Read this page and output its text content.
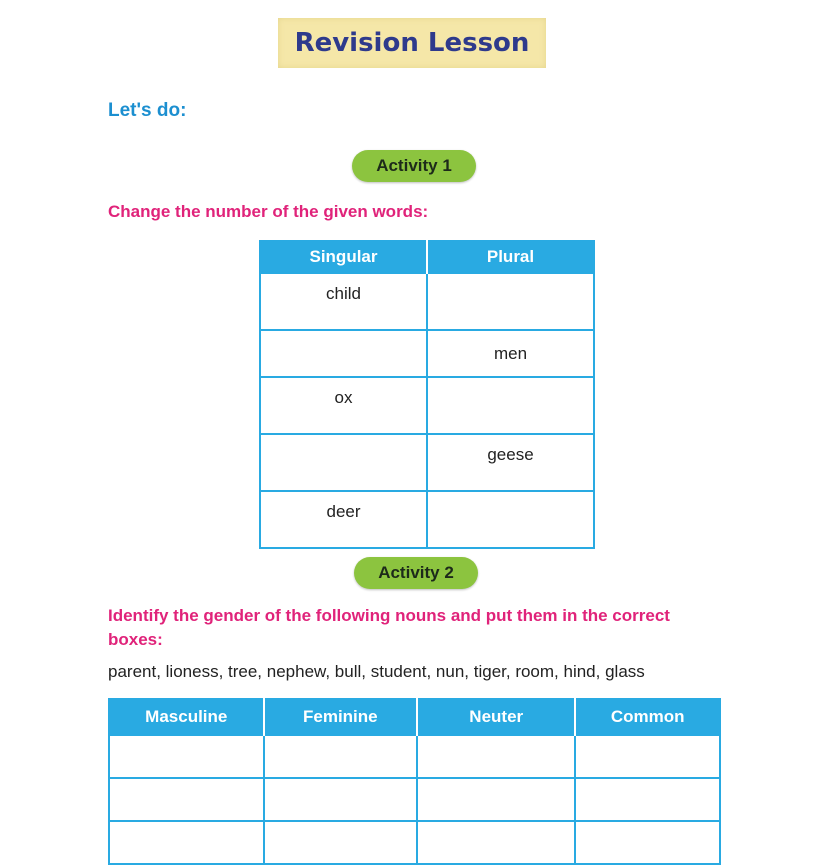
Revision Lesson
Let's do:
Activity 1
Change the number of the given words:
Singular	Plural
child	
	men
ox	
	geese
deer	
Activity 2
Identify the gender of the following nouns and put them in the correct boxes:
parent, lioness, tree, nephew, bull, student, nun, tiger, room, hind, glass
Masculine	Feminine	Neuter	Common
